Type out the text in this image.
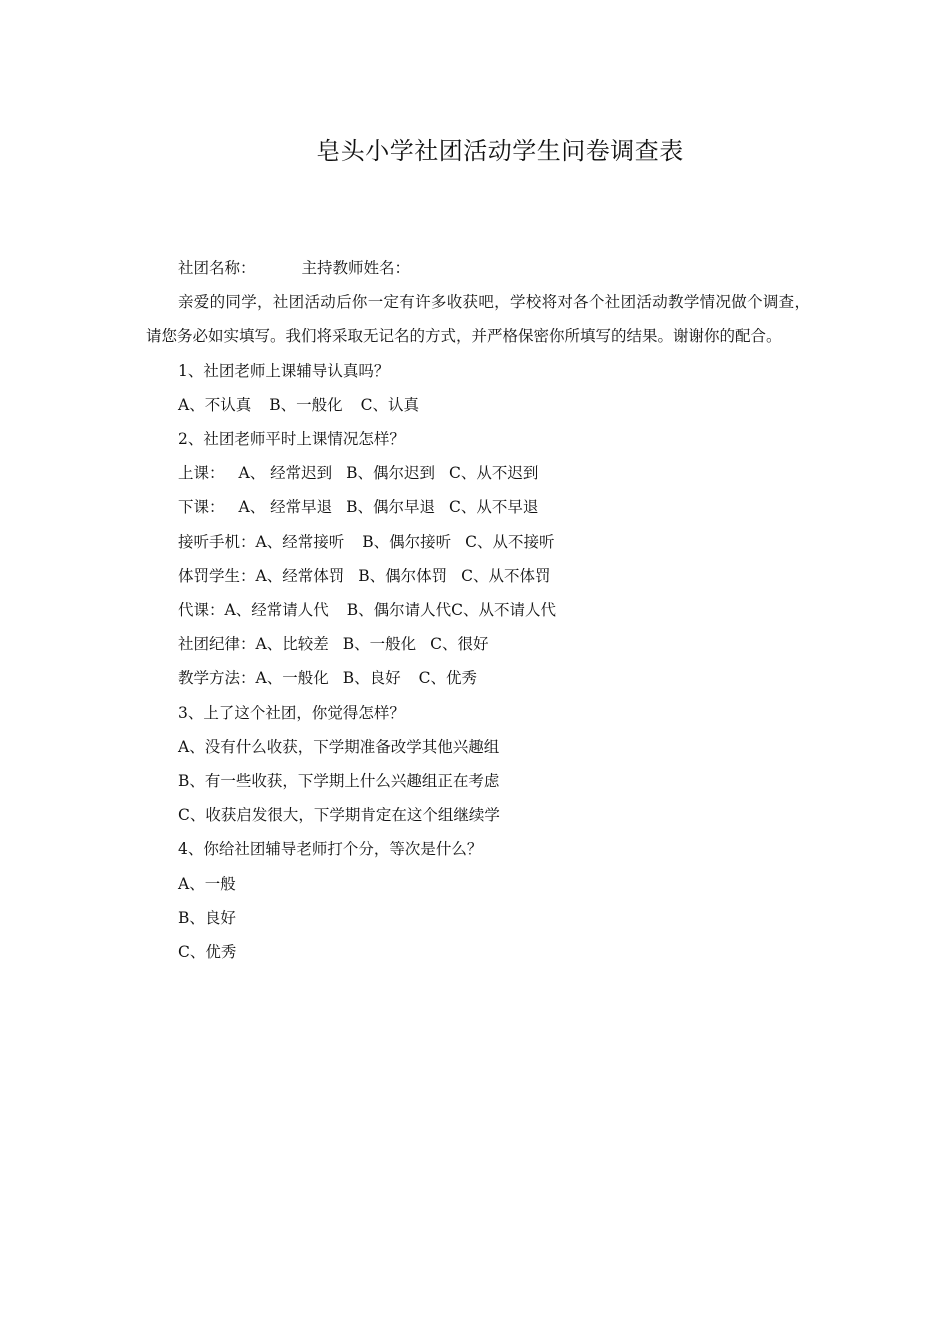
皂头小学社团活动学生问卷调查表
社团名称：	主持教师姓名：
亲爱的同学，社团活动后你一定有许多收获吧，学校将对各个社团活动教学情况做个调查，请您务必如实填写。我们将采取无记名的方式，并严格保密你所填写的结果。谢谢你的配合。
1、社团老师上课辅导认真吗？
A、不认真 B、一般化 C、认真
2、社团老师平时上课情况怎样？
上课： A、 经常迟到 B、偶尔迟到 C、从不迟到
下课： A、 经常早退 B、偶尔早退 C、从不早退
接听手机：A、经常接听 B、偶尔接听 C、从不接听
体罚学生：A、经常体罚 B、偶尔体罚 C、从不体罚
代课：A、经常请人代 B、偶尔请人代C、从不请人代
社团纪律：A、比较差 B、一般化 C、很好
教学方法：A、一般化 B、良好 C、优秀
3、上了这个社团，你觉得怎样？
A、没有什么收获，下学期准备改学其他兴趣组
B、有一些收获，下学期上什么兴趣组正在考虑
C、收获启发很大，下学期肯定在这个组继续学
4、你给社团辅导老师打个分，等次是什么？
A、一般
B、良好
C、优秀
